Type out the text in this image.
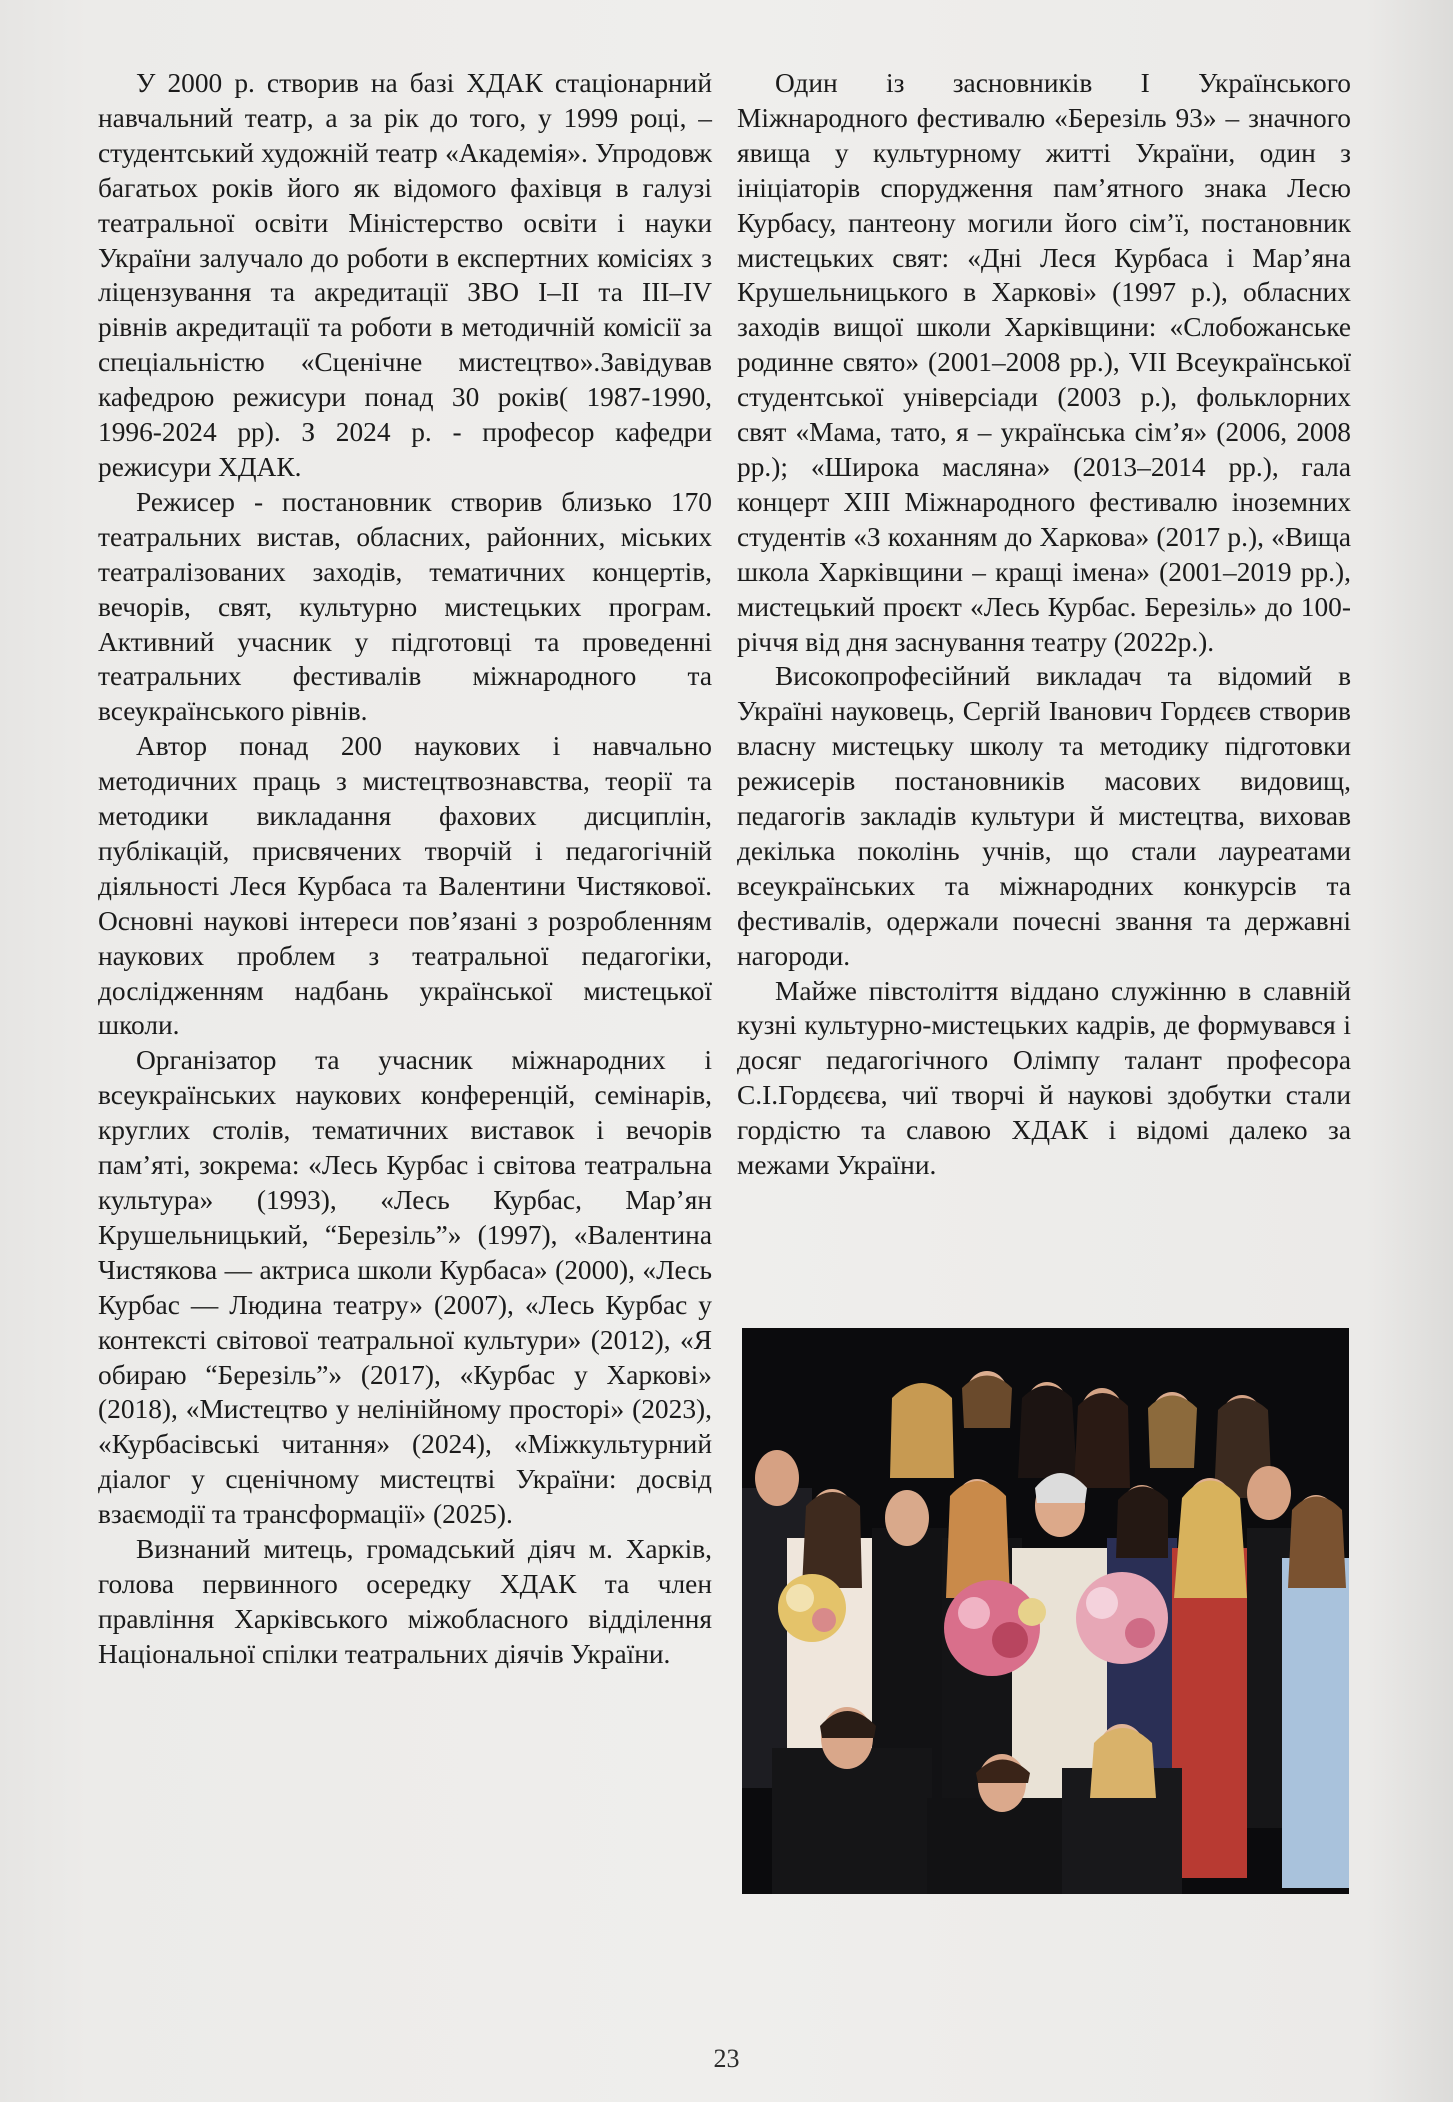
У 2000 р. створив на базі ХДАК стаціонарний навчальний театр, а за рік до того, у 1999 році, – студентський художній театр «Академія». Упродовж багатьох років його як відомого фахівця в галузі театральної освіти Міністерство освіти і науки України залучало до роботи в експертних комісіях з ліцензування та акредитації ЗВО І–ІІ та ІІІ–IV рівнів акредитації та роботи в методичній комісії за спеціальністю «Сценічне мистецтво».Завідував кафедрою режисури понад 30 років( 1987-1990, 1996-2024 рр). З 2024 р. - професор кафедри режисури ХДАК.

Режисер - постановник створив близько 170 театральних вистав, обласних, районних, міських театралізованих заходів, тематичних концертів, вечорів, свят, культурно мистецьких програм. Активний учасник у підготовці та проведенні театральних фестивалів міжнародного та всеукраїнського рівнів.

Автор понад 200 наукових і навчально методичних праць з мистецтвознавства, теорії та методики викладання фахових дисциплін, публікацій, присвячених творчій і педагогічній діяльності Леся Курбаса та Валентини Чистякової. Основні наукові інтереси пов’язані з розробленням наукових проблем з театральної педагогіки, дослідженням надбань української мистецької школи.

Організатор та учасник міжнародних і всеукраїнських наукових конференцій, семінарів, круглих столів, тематичних виставок і вечорів пам’яті, зокрема: «Лесь Курбас і світова театральна культура» (1993), «Лесь Курбас, Мар’ян Крушельницький, “Березіль”» (1997), «Валентина Чистякова — актриса школи Курбаса» (2000), «Лесь Курбас — Людина театру» (2007), «Лесь Курбас у контексті світової театральної культури» (2012), «Я обираю “Березіль”» (2017), «Курбас у Харкові» (2018), «Мистецтво у нелінійному просторі» (2023), «Курбасівські читання» (2024), «Міжкультурний діалог у сценічному мистецтві України: досвід взаємодії та трансформації» (2025).

Визнаний митець, громадський діяч м. Харків, голова первинного осередку ХДАК та член правління Харківського міжобласного відділення Національної спілки театральних діячів України.

Один із засновників І Українського Міжнародного фестивалю «Березіль 93» – значного явища у культурному житті України, один з ініціаторів спорудження пам’ятного знака Лесю Курбасу, пантеону могили його сім’ї, постановник мистецьких свят: «Дні Леся Курбаса і Мар’яна Крушельницького в Харкові» (1997 р.), обласних заходів вищої школи Харківщини: «Слобожанське родинне свято» (2001–2008 рр.), VII Всеукраїнської студентської універсіади (2003 р.), фольклорних свят «Мама, тато, я – українська сім’я» (2006, 2008 рр.); «Широка масляна» (2013–2014 рр.), гала концерт XIII Міжнародного фестивалю іноземних студентів «З коханням до Харкова» (2017 р.), «Вища школа Харківщини – кращі імена» (2001–2019 рр.), мистецький проєкт «Лесь Курбас. Березіль» до 100-річчя від дня заснування театру (2022р.).

Високопрофесійний викладач та відомий в Україні науковець, Сергій Іванович Гордєєв створив власну мистецьку школу та методику підготовки режисерів постановників масових видовищ, педагогів закладів культури й мистецтва, виховав декілька поколінь учнів, що стали лауреатами всеукраїнських та міжнародних конкурсів та фестивалів, одержали почесні звання та державні нагороди.

Майже півстоліття віддано служінню в славній кузні культурно-мистецьких кадрів, де формувався і досяг педагогічного Олімпу талант професора С.І.Гордєєва, чиї творчі й наукові здобутки стали гордістю та славою ХДАК і відомі далеко за межами України.

23
